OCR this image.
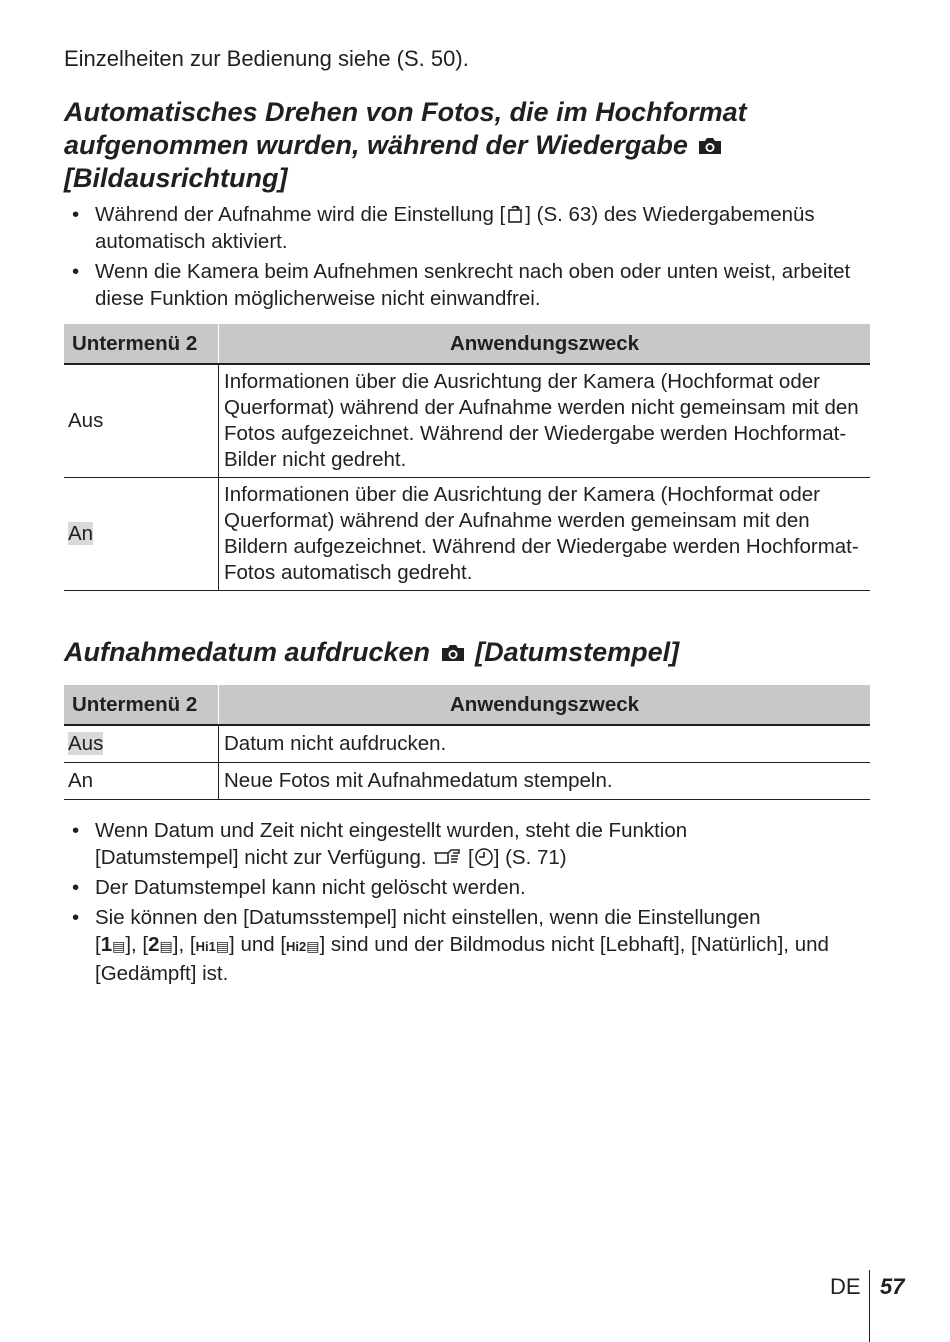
Einzelheiten zur Bedienung siehe (S. 50).
Automatisches Drehen von Fotos, die im Hochformat aufgenommen wurden, während der Wiedergabe
[Bildausrichtung]
• Während der Aufnahme wird die Einstellung [ ] (S. 63) des Wiedergabemenüs automatisch aktiviert.
• Wenn die Kamera beim Aufnehmen senkrecht nach oben oder unten weist, arbeitet diese Funktion möglicherweise nicht einwandfrei.
Untermenü 2	Anwendungszweck
Aus	Informationen über die Ausrichtung der Kamera (Hochformat oder Querformat) während der Aufnahme werden nicht gemeinsam mit den Fotos aufgezeichnet. Während der Wiedergabe werden Hochformat-Bilder nicht gedreht.
An	Informationen über die Ausrichtung der Kamera (Hochformat oder Querformat) während der Aufnahme werden gemeinsam mit den Bildern aufgezeichnet. Während der Wiedergabe werden Hochformat-Fotos automatisch gedreht.
Aufnahmedatum aufdrucken [Datumstempel]
Untermenü 2	Anwendungszweck
Aus	Datum nicht aufdrucken.
An	Neue Fotos mit Aufnahmedatum stempeln.
• Wenn Datum und Zeit nicht eingestellt wurden, steht die Funktion
[Datumstempel] nicht zur Verfügung.  [ ] (S. 71)
• Der Datumstempel kann nicht gelöscht werden.
• Sie können den [Datumsstempel] nicht einstellen, wenn die Einstellungen
[1▤], [2▤], [Hi1▤] und [Hi2▤] sind und der Bildmodus nicht [Lebhaft], [Natürlich], und [Gedämpft] ist.
DE 57
